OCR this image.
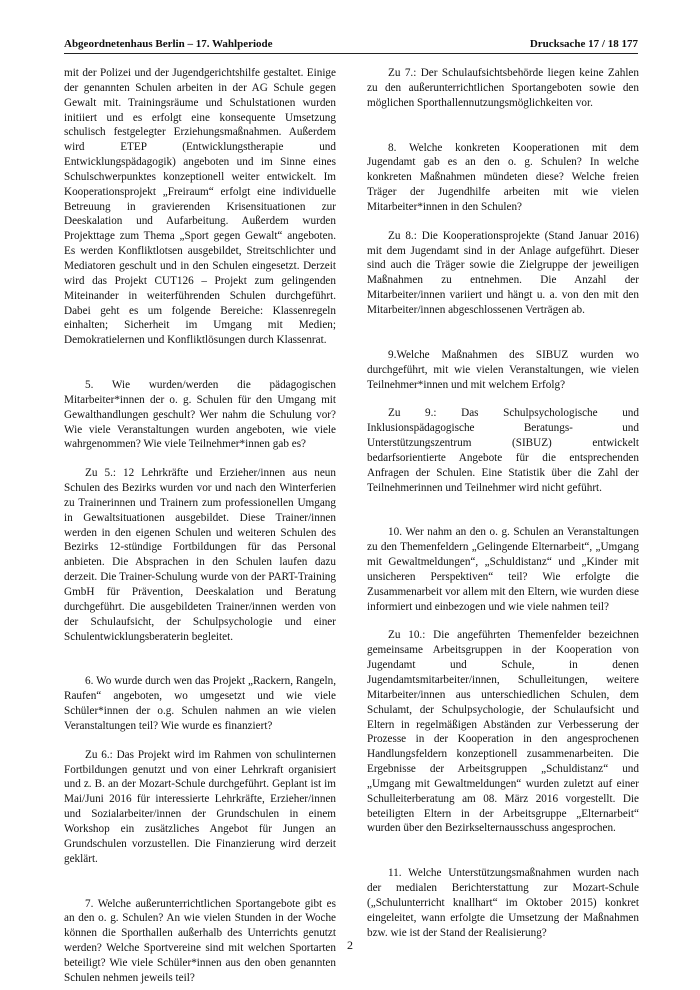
Abgeordnetenhaus Berlin – 17. Wahlperiode	Drucksache 17 / 18 177

mit der Polizei und der Jugendgerichtshilfe gestaltet. Einige der genannten Schulen arbeiten in der AG Schule gegen Gewalt mit. Trainingsräume und Schulstationen wurden initiiert und es erfolgt eine konsequente Umsetzung schulisch festgelegter Erziehungsmaßnahmen. Außerdem wird ETEP (Entwicklungstherapie und Entwicklungspädagogik) angeboten und im Sinne eines Schulschwerpunktes konzeptionell weiter entwickelt. Im Kooperationsprojekt „Freiraum“ erfolgt eine individuelle Betreuung in gravierenden Krisensituationen zur Deeskalation und Aufarbeitung. Außerdem wurden Projekttage zum Thema „Sport gegen Gewalt“ angeboten. Es werden Konfliktlotsen ausgebildet, Streitschlichter und Mediatoren geschult und in den Schulen eingesetzt. Derzeit wird das Projekt CUT126 – Projekt zum gelingenden Miteinander in weiterführenden Schulen durchgeführt. Dabei geht es um folgende Bereiche: Klassenregeln einhalten; Sicherheit im Umgang mit Medien; Demokratielernen und Konfliktlösungen durch Klassenrat.

5. Wie wurden/werden die pädagogischen Mitarbeiter*innen der o. g. Schulen für den Umgang mit Gewalthandlungen geschult? Wer nahm die Schulung vor? Wie viele Veranstaltungen wurden angeboten, wie viele wahrgenommen? Wie viele Teilnehmer*innen gab es?

Zu 5.: 12 Lehrkräfte und Erzieher/innen aus neun Schulen des Bezirks wurden vor und nach den Winterferien zu Trainerinnen und Trainern zum professionellen Umgang in Gewaltsituationen ausgebildet. Diese Trainer/innen werden in den eigenen Schulen und weiteren Schulen des Bezirks 12-stündige Fortbildungen für das Personal anbieten. Die Absprachen in den Schulen laufen dazu derzeit. Die Trainer-Schulung wurde von der PART-Training GmbH für Prävention, Deeskalation und Beratung durchgeführt. Die ausgebildeten Trainer/innen werden von der Schulaufsicht, der Schulpsychologie und einer Schulentwicklungsberaterin begleitet.

6. Wo wurde durch wen das Projekt „Rackern, Rangeln, Raufen“ angeboten, wo umgesetzt und wie viele Schüler*innen der o.g. Schulen nahmen an wie vielen Veranstaltungen teil? Wie wurde es finanziert?

Zu 6.: Das Projekt wird im Rahmen von schulinternen Fortbildungen genutzt und von einer Lehrkraft organisiert und z. B. an der Mozart-Schule durchgeführt. Geplant ist im Mai/Juni 2016 für interessierte Lehrkräfte, Erzieher/innen und Sozialarbeiter/innen der Grundschulen in einem Workshop ein zusätzliches Angebot für Jungen an Grundschulen vorzustellen. Die Finanzierung wird derzeit geklärt.

7. Welche außerunterrichtlichen Sportangebote gibt es an den o. g. Schulen? An wie vielen Stunden in der Woche können die Sporthallen außerhalb des Unterrichts genutzt werden? Welche Sportvereine sind mit welchen Sportarten beteiligt? Wie viele Schüler*innen aus den oben genannten Schulen nehmen jeweils teil?

Zu 7.: Der Schulaufsichtsbehörde liegen keine Zahlen zu den außerunterrichtlichen Sportangeboten sowie den möglichen Sporthallennutzungsmöglichkeiten vor.

8. Welche konkreten Kooperationen mit dem Jugendamt gab es an den o. g. Schulen? In welche konkreten Maßnahmen mündeten diese? Welche freien Träger der Jugendhilfe arbeiten mit wie vielen Mitarbeiter*innen in den Schulen?

Zu 8.: Die Kooperationsprojekte (Stand Januar 2016) mit dem Jugendamt sind in der Anlage aufgeführt. Dieser sind auch die Träger sowie die Zielgruppe der jeweiligen Maßnahmen zu entnehmen. Die Anzahl der Mitarbeiter/innen variiert und hängt u. a. von den mit den Mitarbeiter/innen abgeschlossenen Verträgen ab.

9.Welche Maßnahmen des SIBUZ wurden wo durchgeführt, mit wie vielen Veranstaltungen, wie vielen Teilnehmer*innen und mit welchem Erfolg?

Zu 9.: Das Schulpsychologische und Inklusionspädagogische Beratungs- und Unterstützungszentrum (SIBUZ) entwickelt bedarfsorientierte Angebote für die entsprechenden Anfragen der Schulen. Eine Statistik über die Zahl der Teilnehmerinnen und Teilnehmer wird nicht geführt.

10. Wer nahm an den o. g. Schulen an Veranstaltungen zu den Themenfeldern „Gelingende Elternarbeit“, „Umgang mit Gewaltmeldungen“, „Schuldistanz“ und „Kinder mit unsicheren Perspektiven“ teil? Wie erfolgte die Zusammenarbeit vor allem mit den Eltern, wie wurden diese informiert und einbezogen und wie viele nahmen teil?

Zu 10.: Die angeführten Themenfelder bezeichnen gemeinsame Arbeitsgruppen in der Kooperation von Jugendamt und Schule, in denen Jugendamtsmitarbeiter/innen, Schulleitungen, weitere Mitarbeiter/innen aus unterschiedlichen Schulen, dem Schulamt, der Schulpsychologie, der Schulaufsicht und Eltern in regelmäßigen Abständen zur Verbesserung der Prozesse in der Kooperation in den angesprochenen Handlungsfeldern konzeptionell zusammenarbeiten. Die Ergebnisse der Arbeitsgruppen „Schuldistanz“ und „Umgang mit Gewaltmeldungen“ wurden zuletzt auf einer Schulleiterberatung am 08. März 2016 vorgestellt. Die beteiligten Eltern in der Arbeitsgruppe „Elternarbeit“ wurden über den Bezirkselternausschuss angesprochen.

11. Welche Unterstützungsmaßnahmen wurden nach der medialen Berichterstattung zur Mozart-Schule („Schulunterricht knallhart“ im Oktober 2015) konkret eingeleitet, wann erfolgte die Umsetzung der Maßnahmen bzw. wie ist der Stand der Realisierung?

2
